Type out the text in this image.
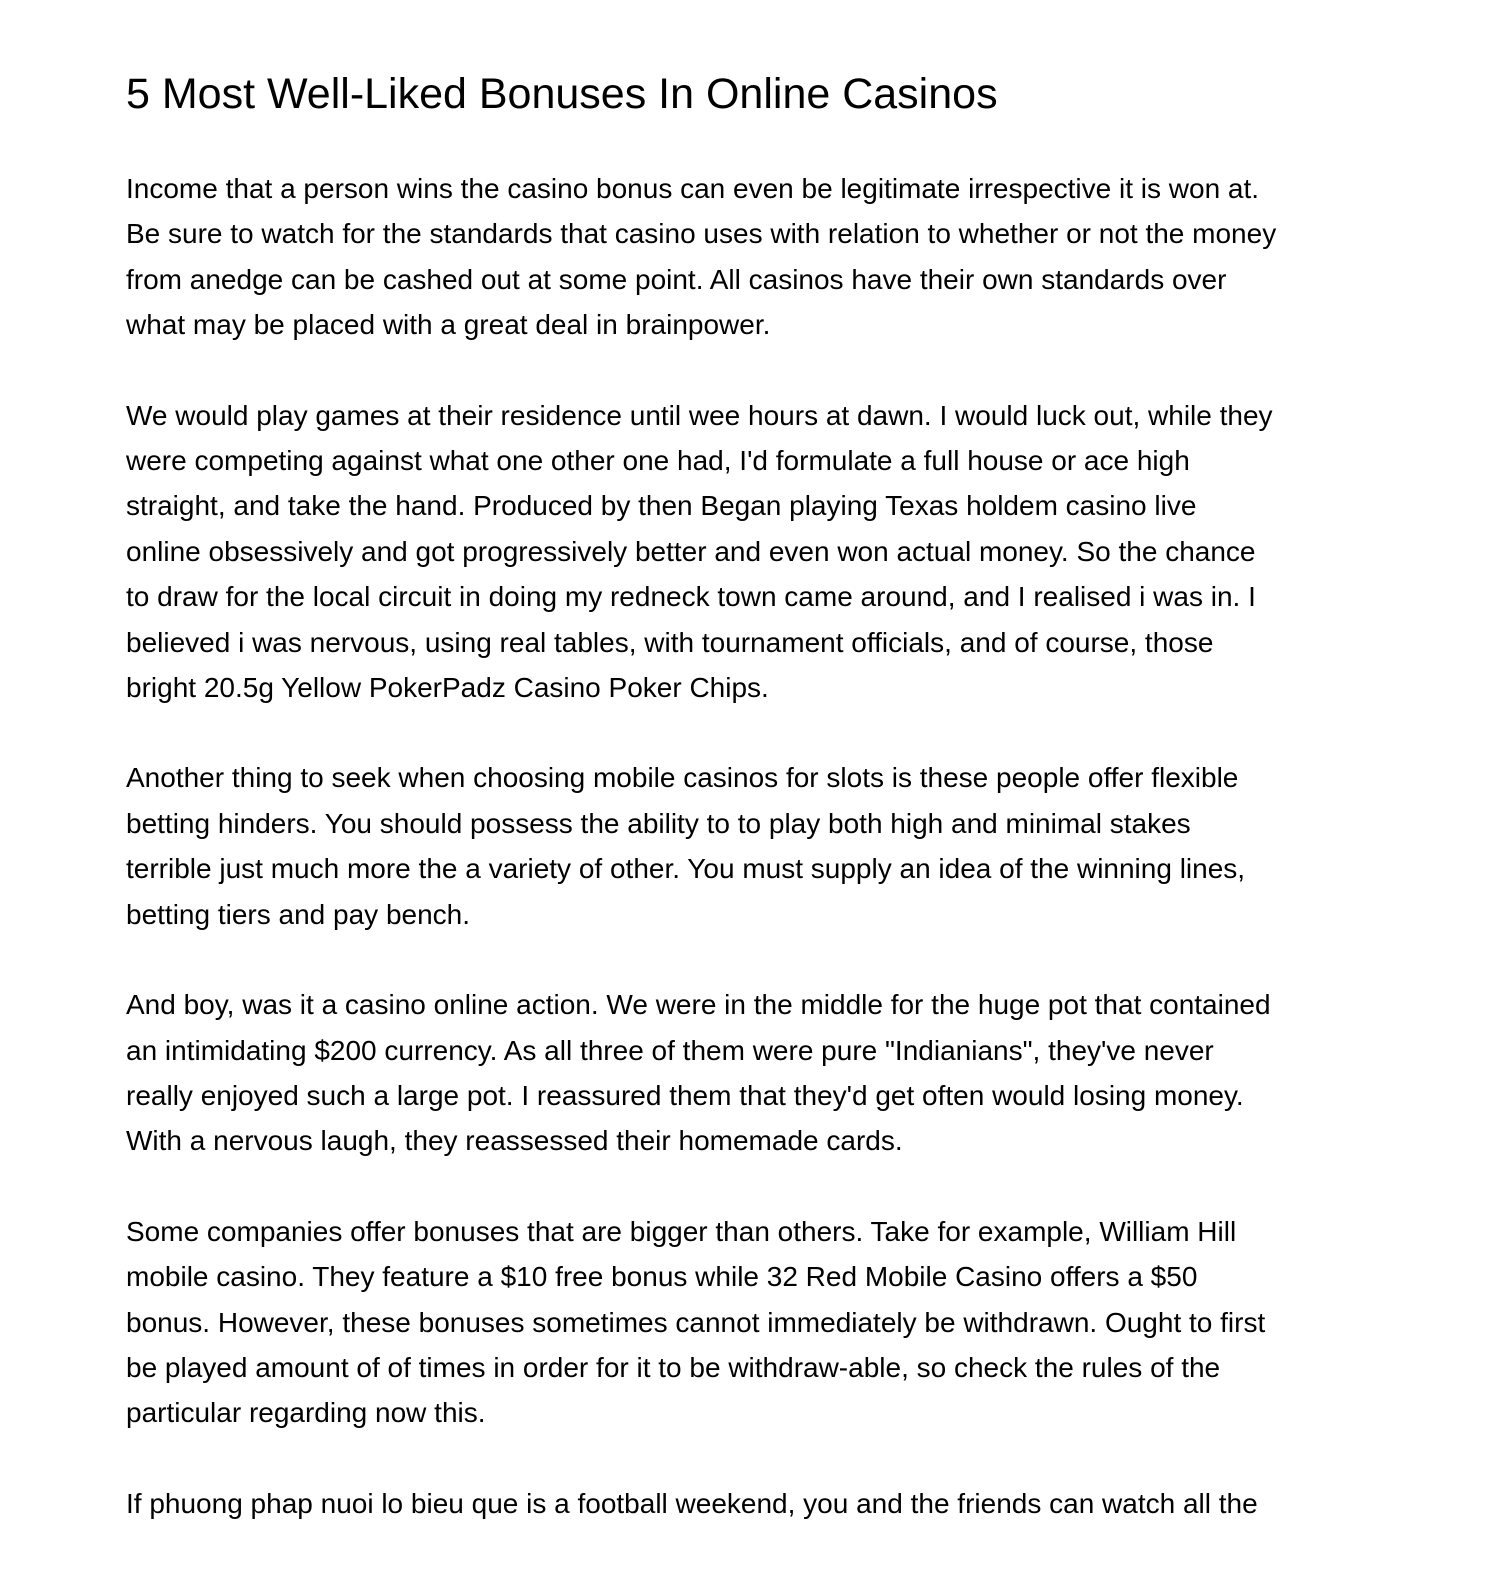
5 Most Well-Liked Bonuses In Online Casinos

Income that a person wins the casino bonus can even be legitimate irrespective it is won at.
Be sure to watch for the standards that casino uses with relation to whether or not the money
from anedge can be cashed out at some point. All casinos have their own standards over
what may be placed with a great deal in brainpower.

We would play games at their residence until wee hours at dawn. I would luck out, while they
were competing against what one other one had, I'd formulate a full house or ace high
straight, and take the hand. Produced by then Began playing Texas holdem casino live
online obsessively and got progressively better and even won actual money. So the chance
to draw for the local circuit in doing my redneck town came around, and I realised i was in. I
believed i was nervous, using real tables, with tournament officials, and of course, those
bright 20.5g Yellow PokerPadz Casino Poker Chips.

Another thing to seek when choosing mobile casinos for slots is these people offer flexible
betting hinders. You should possess the ability to to play both high and minimal stakes
terrible just much more the a variety of other. You must supply an idea of the winning lines,
betting tiers and pay bench.

And boy, was it a casino online action. We were in the middle for the huge pot that contained
an intimidating $200 currency. As all three of them were pure "Indianians", they've never
really enjoyed such a large pot. I reassured them that they'd get often would losing money.
With a nervous laugh, they reassessed their homemade cards.

Some companies offer bonuses that are bigger than others. Take for example, William Hill
mobile casino. They feature a $10 free bonus while 32 Red Mobile Casino offers a $50
bonus. However, these bonuses sometimes cannot immediately be withdrawn. Ought to first
be played amount of of times in order for it to be withdraw-able, so check the rules of the
particular regarding now this.

If phuong phap nuoi lo bieu que is a football weekend, you and the friends can watch all the
